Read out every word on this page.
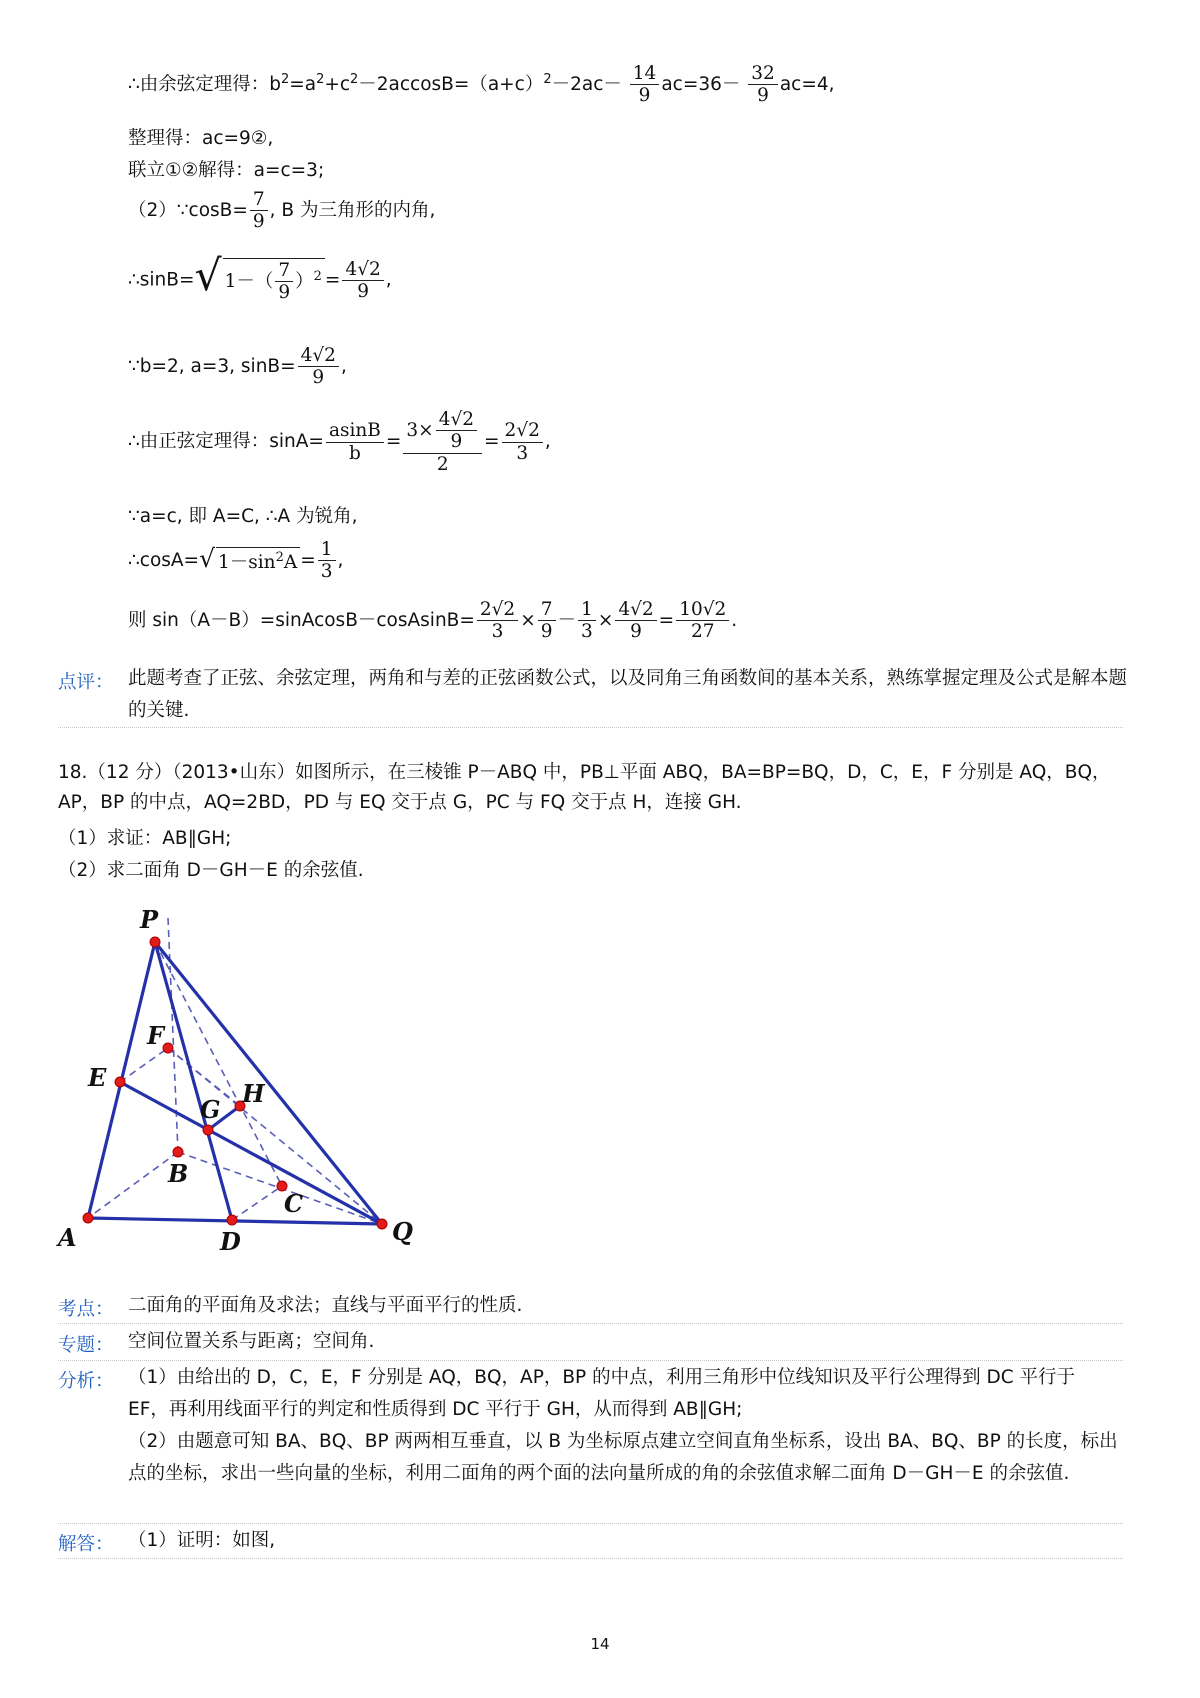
∴由余弦定理得：$b^2=a^2+c^2-2accosB=(a+c)^2-2ac- \frac{14}{9} ac=36- \frac{32}{9} ac=4$,
整理得：ac=9②,
联立①②解得：a=c=3;
（2）∵cosB= $\frac{7}{9}$ , B 为三角形的内角,
∴sinB= √ $1-( \frac{7}{9} )^2 = \frac{4√2}{9}$ ,
∵b=2, a=3, $\sin B= \frac{4√2}{9}$ ,
∴由正弦定理得：$\sin A= \frac{asinB}{b} = \frac{3\times \frac{4√2}{9}}{2} = \frac{2√2}{3}$ ,
∵a=c, 即 A=C, ∴A 为锐角,
∴cosA= √ $1-\sin^2A = \frac{1}{3}$ ,
则 sin（A－B）=sinAcosB－cosAsinB= $\frac{2√2}{3} \times \frac{7}{9} - \frac{1}{3} \times \frac{4√2}{9} = \frac{10√2}{27}$ .
点评： 此题考查了正弦、余弦定理，两角和与差的正弦函数公式，以及同角三角函数间的基本关系，熟练掌握定理及公式是解本题的关键.
18.（12 分）（2013•山东）如图所示，在三棱锥 P－ABQ 中，PB⊥平面 ABQ，BA=BP=BQ，D，C，E，F 分别是 AQ，BQ，AP，BP 的中点，AQ=2BD，PD 与 EQ 交于点 G，PC 与 FQ 交于点 H，连接 GH.
（1）求证：AB∥GH;
（2）求二面角 D－GH－E 的余弦值.
P
F
E
G
H
B
C
A	D	Q
考点： 二面角的平面角及求法；直线与平面平行的性质.
专题： 空间位置关系与距离；空间角.
分析： （1）由给出的 D，C，E，F 分别是 AQ，BQ，AP，BP 的中点，利用三角形中位线知识及平行公理得到 DC 平行于 EF，再利用线面平行的判定和性质得到 DC 平行于 GH，从而得到 AB∥GH;
（2）由题意可知 BA、BQ、BP 两两相互垂直，以 B 为坐标原点建立空间直角坐标系，设出 BA、BQ、BP 的长度，标出点的坐标，求出一些向量的坐标，利用二面角的两个面的法向量所成的角的余弦值求解二面角 D－GH－E 的余弦值.
解答： （1）证明：如图,
14
